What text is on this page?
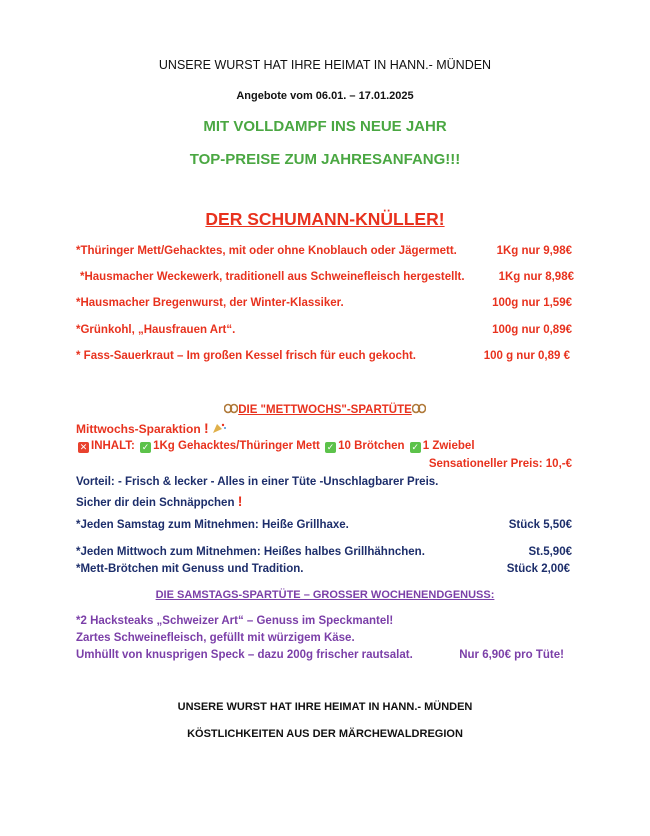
UNSERE WURST HAT IHRE HEIMAT IN HANN.- MÜNDEN
Angebote vom 06.01. – 17.01.2025
MIT VOLLDAMPF INS NEUE JAHR
TOP-PREISE ZUM JAHRESANFANG!!!
DER SCHUMANN-KNÜLLER!
*Thüringer Mett/Gehacktes, mit oder ohne Knoblauch oder Jägermett.	1Kg nur 9,98€
*Hausmacher Weckewerk, traditionell aus Schweinefleisch hergestellt.	1Kg nur 8,98€
*Hausmacher Bregenwurst, der Winter-Klassiker.	100g nur 1,59€
*Grünkohl, „Hausfrauen Art“.	100g nur 0,89€
* Fass-Sauerkraut – Im großen Kessel frisch für euch gekocht.	100 g nur 0,89 €
DIE "METTWOCHS"-SPARTÜTE
Mittwochs-Sparaktion !
✕ INHALT: ✓ 1Kg Gehacktes/Thüringer Mett ✓ 10 Brötchen ✓ 1 Zwiebel
Sensationeller Preis: 10,-€
Vorteil: - Frisch & lecker - Alles in einer Tüte -Unschlagbarer Preis.
Sicher dir dein Schnäppchen !
*Jeden Samstag zum Mitnehmen: Heiße Grillhaxe.	Stück 5,50€
*Jeden Mittwoch zum Mitnehmen: Heißes halbes Grillhähnchen.	St.5,90€
*Mett-Brötchen mit Genuss und Tradition.	Stück 2,00€
DIE SAMSTAGS-SPARTÜTE – GROSSER WOCHENENDGENUSS:
*2 Hacksteaks „Schweizer Art“ – Genuss im Speckmantel!
Zartes Schweinefleisch, gefüllt mit würzigem Käse.
Umhüllt von knusprigen Speck – dazu 200g frischer rautsalat.	Nur 6,90€ pro Tüte!
UNSERE WURST HAT IHRE HEIMAT IN HANN.- MÜNDEN
KÖSTLICHKEITEN AUS DER MÄRCHEWALDREGION
